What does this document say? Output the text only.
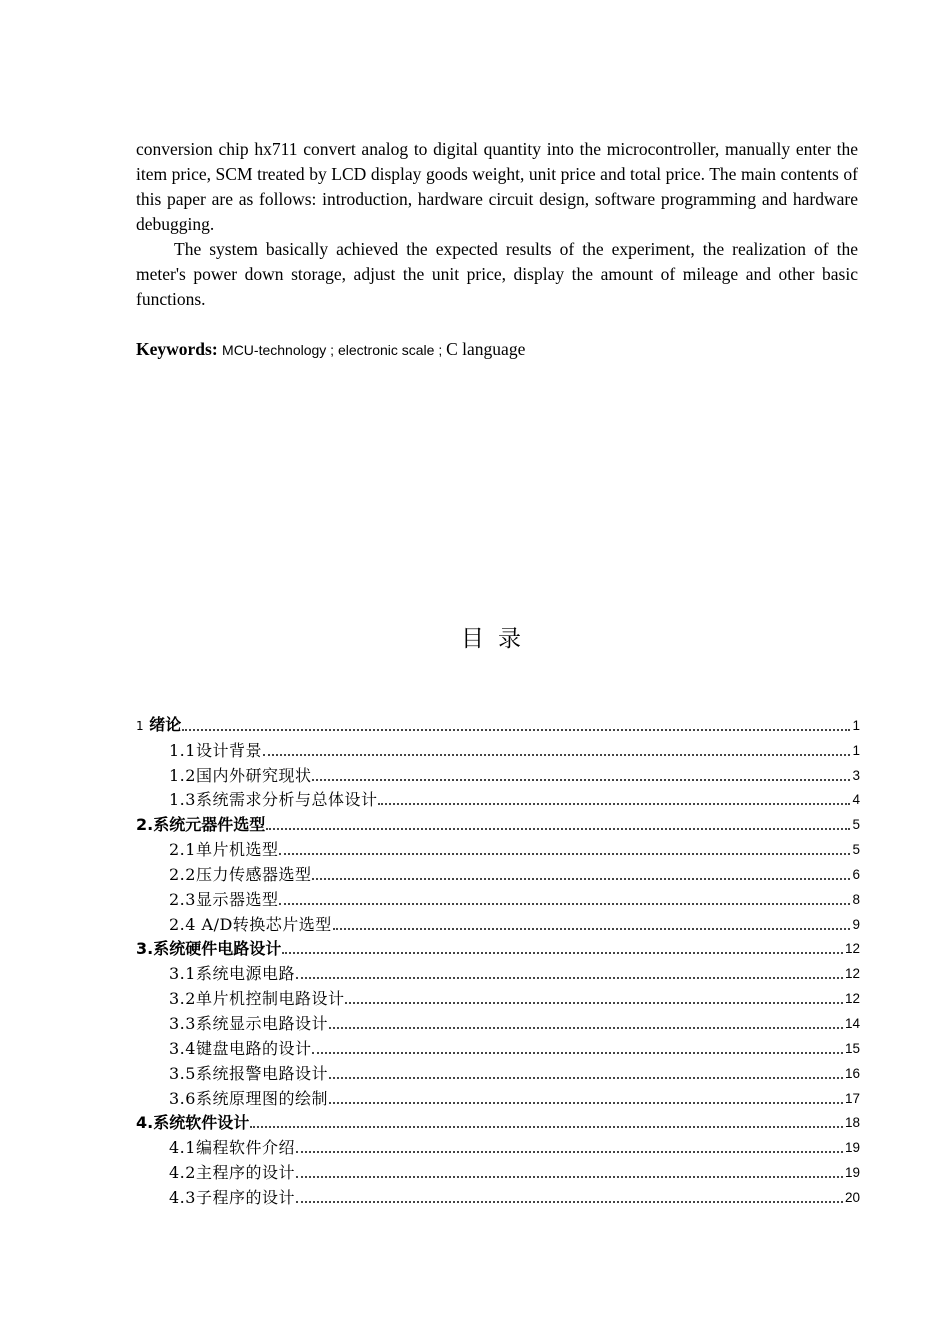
conversion chip hx711 convert analog to digital quantity into the microcontroller, manually enter the item price, SCM treated by LCD display goods weight, unit price and total price. The main contents of this paper are as follows: introduction, hardware circuit design, software programming and hardware debugging.

The system basically achieved the expected results of the experiment, the realization of the meter's power down storage, adjust the unit price, display the amount of mileage and other basic functions.

Keywords: MCU-technology ; electronic scale ; C language
目录
1 绪论	1
1.1设计背景	1
1.2国内外研究现状	3
1.3系统需求分析与总体设计	4
2.系统元器件选型	5
2.1单片机选型	5
2.2压力传感器选型	6
2.3显示器选型	8
2.4 A/D转换芯片选型	9
3.系统硬件电路设计	12
3.1系统电源电路	12
3.2单片机控制电路设计	12
3.3系统显示电路设计	14
3.4键盘电路的设计	15
3.5系统报警电路设计	16
3.6系统原理图的绘制	17
4.系统软件设计	18
4.1编程软件介绍	19
4.2主程序的设计	19
4.3子程序的设计	20
